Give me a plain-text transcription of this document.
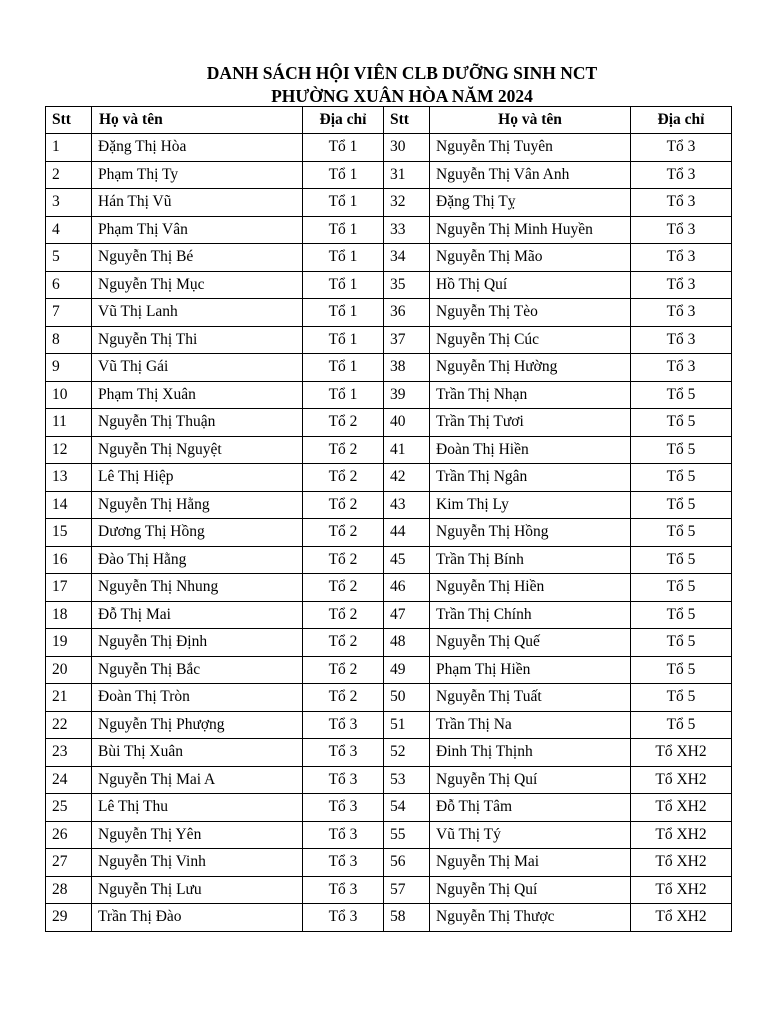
DANH SÁCH HỘI VIÊN CLB DƯỠNG SINH NCT
PHƯỜNG XUÂN HÒA NĂM 2024
Stt	Họ và tên	Địa chỉ	Stt	Họ và tên	Địa chỉ
1	Đặng Thị Hòa	Tổ 1	30	Nguyễn Thị Tuyên	Tổ 3
2	Phạm Thị Ty	Tổ 1	31	Nguyễn Thị Vân Anh	Tổ 3
3	Hán Thị Vũ	Tổ 1	32	Đặng Thị Tỵ	Tổ 3
4	Phạm Thị Vân	Tổ 1	33	Nguyễn Thị Minh Huyền	Tổ 3
5	Nguyễn Thị Bé	Tổ 1	34	Nguyễn Thị Mão	Tổ 3
6	Nguyễn Thị Mục	Tổ 1	35	Hồ Thị Quí	Tổ 3
7	Vũ Thị Lanh	Tổ 1	36	Nguyễn Thị Tèo	Tổ 3
8	Nguyễn Thị Thi	Tổ 1	37	Nguyễn Thị Cúc	Tổ 3
9	Vũ Thị Gái	Tổ 1	38	Nguyễn Thị Hường	Tổ 3
10	Phạm Thị Xuân	Tổ 1	39	Trần Thị Nhạn	Tổ 5
11	Nguyễn Thị Thuận	Tổ 2	40	Trần Thị Tươi	Tổ 5
12	Nguyễn Thị Nguyệt	Tổ 2	41	Đoàn Thị Hiền	Tổ 5
13	Lê Thị Hiệp	Tổ 2	42	Trần Thị Ngân	Tổ 5
14	Nguyễn Thị Hằng	Tổ 2	43	Kim Thị Ly	Tổ 5
15	Dương Thị Hồng	Tổ 2	44	Nguyễn Thị Hồng	Tổ 5
16	Đào Thị Hằng	Tổ 2	45	Trần Thị Bính	Tổ 5
17	Nguyễn Thị Nhung	Tổ 2	46	Nguyễn Thị Hiền	Tổ 5
18	Đỗ Thị Mai	Tổ 2	47	Trần Thị Chính	Tổ 5
19	Nguyễn Thị Định	Tổ 2	48	Nguyễn Thị Quế	Tổ 5
20	Nguyễn Thị Bắc	Tổ 2	49	Phạm Thị Hiền	Tổ 5
21	Đoàn Thị Tròn	Tổ 2	50	Nguyễn Thị Tuất	Tổ 5
22	Nguyễn Thị Phượng	Tổ 3	51	Trần Thị Na	Tổ 5
23	Bùi Thị Xuân	Tổ 3	52	Đinh Thị Thịnh	Tổ XH2
24	Nguyễn Thị Mai A	Tổ 3	53	Nguyễn Thị Quí	Tổ XH2
25	Lê Thị Thu	Tổ 3	54	Đỗ Thị Tâm	Tổ XH2
26	Nguyễn Thị Yên	Tổ 3	55	Vũ Thị Tý	Tổ XH2
27	Nguyễn Thị Vinh	Tổ 3	56	Nguyễn Thị Mai	Tổ XH2
28	Nguyễn Thị Lưu	Tổ 3	57	Nguyễn Thị Quí	Tổ XH2
29	Trần Thị Đào	Tổ 3	58	Nguyễn Thị Thược	Tổ XH2
